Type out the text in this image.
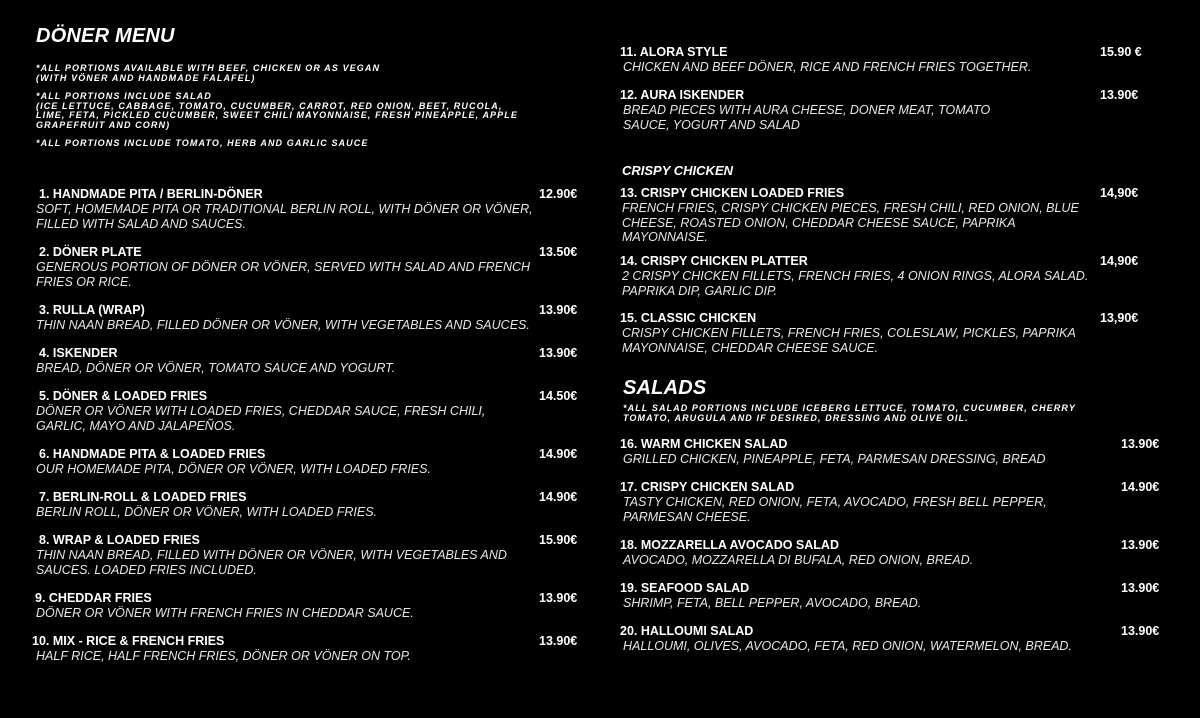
DÖNER MENU
*ALL PORTIONS AVAILABLE WITH BEEF, CHICKEN OR AS VEGAN
(WITH VÖNER AND HANDMADE FALAFEL)
*ALL PORTIONS INCLUDE SALAD
(ICE LETTUCE, CABBAGE, TOMATO, CUCUMBER, CARROT, RED ONION, BEET, RUCOLA,
LIME, FETA, PICKLED CUCUMBER, SWEET CHILI MAYONNAISE, FRESH PINEAPPLE, APPLE
GRAPEFRUIT AND CORN)
*ALL PORTIONS INCLUDE TOMATO, HERB AND GARLIC SAUCE
1. HANDMADE PITA / BERLIN-DÖNER
SOFT, HOMEMADE PITA OR TRADITIONAL BERLIN ROLL, WITH DÖNER OR VÖNER,
FILLED WITH SALAD AND SAUCES.
12.90€
2. DÖNER PLATE
GENEROUS PORTION OF DÖNER OR VÖNER, SERVED WITH SALAD AND FRENCH
FRIES OR RICE.
13.50€
3. RULLA (WRAP)
THIN NAAN BREAD, FILLED DÖNER OR VÖNER, WITH VEGETABLES AND SAUCES.
13.90€
4. ISKENDER
BREAD, DÖNER OR VÖNER, TOMATO SAUCE AND YOGURT.
13.90€
5. DÖNER & LOADED FRIES
DÖNER OR VÖNER WITH LOADED FRIES, CHEDDAR SAUCE, FRESH CHILI,
GARLIC, MAYO AND JALAPEÑOS.
14.50€
6. HANDMADE PITA & LOADED FRIES
OUR HOMEMADE PITA, DÖNER OR VÖNER, WITH LOADED FRIES.
14.90€
7. BERLIN-ROLL & LOADED FRIES
BERLIN ROLL, DÖNER OR VÖNER, WITH LOADED FRIES.
14.90€
8. WRAP & LOADED FRIES
THIN NAAN BREAD, FILLED WITH DÖNER OR VÖNER, WITH VEGETABLES AND
SAUCES. LOADED FRIES INCLUDED.
15.90€
9. CHEDDAR FRIES
DÖNER OR VÖNER WITH FRENCH FRIES IN CHEDDAR SAUCE.
13.90€
10. MIX - RICE & FRENCH FRIES
HALF RICE, HALF FRENCH FRIES, DÖNER OR VÖNER ON TOP.
13.90€
11. ALORA STYLE
CHICKEN AND BEEF DÖNER, RICE AND FRENCH FRIES TOGETHER.
15.90 €
12. AURA ISKENDER
BREAD PIECES WITH AURA CHEESE, DONER MEAT, TOMATO
SAUCE, YOGURT AND SALAD
13.90€
CRISPY CHICKEN
13. CRISPY CHICKEN LOADED FRIES
FRENCH FRIES, CRISPY CHICKEN PIECES, FRESH CHILI, RED ONION, BLUE
CHEESE, ROASTED ONION, CHEDDAR CHEESE SAUCE, PAPRIKA
MAYONNAISE.
14,90€
14. CRISPY CHICKEN PLATTER
2 CRISPY CHICKEN FILLETS, FRENCH FRIES, 4 ONION RINGS, ALORA SALAD.
PAPRIKA DIP, GARLIC DIP.
14,90€
15. CLASSIC CHICKEN
CRISPY CHICKEN FILLETS, FRENCH FRIES, COLESLAW, PICKLES, PAPRIKA
MAYONNAISE, CHEDDAR CHEESE SAUCE.
13,90€
SALADS
*ALL SALAD PORTIONS INCLUDE ICEBERG LETTUCE, TOMATO, CUCUMBER, CHERRY
TOMATO, ARUGULA AND IF DESIRED, DRESSING AND OLIVE OIL.
16. WARM CHICKEN SALAD
GRILLED CHICKEN, PINEAPPLE, FETA, PARMESAN DRESSING, BREAD
13.90€
17. CRISPY CHICKEN SALAD
TASTY CHICKEN, RED ONION, FETA, AVOCADO, FRESH BELL PEPPER,
PARMESAN CHEESE.
14.90€
18. MOZZARELLA AVOCADO SALAD
AVOCADO, MOZZARELLA DI BUFALA, RED ONION, BREAD.
13.90€
19. SEAFOOD SALAD
SHRIMP, FETA, BELL PEPPER, AVOCADO, BREAD.
13.90€
20. HALLOUMI SALAD
HALLOUMI, OLIVES, AVOCADO, FETA, RED ONION, WATERMELON, BREAD.
13.90€
